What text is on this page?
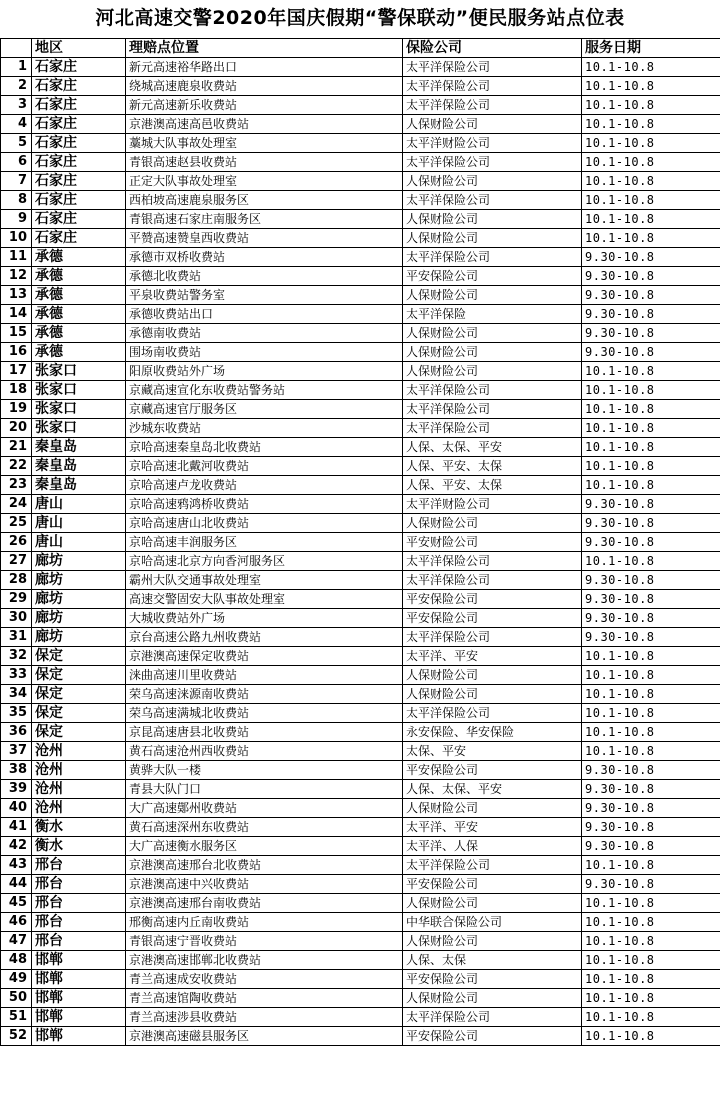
河北高速交警2020年国庆假期“警保联动”便民服务站点位表
	地区	理赔点位置	保险公司	服务日期
1	石家庄	新元高速裕华路出口	太平洋保险公司	10.1-10.8
2	石家庄	绕城高速鹿泉收费站	太平洋保险公司	10.1-10.8
3	石家庄	新元高速新乐收费站	太平洋保险公司	10.1-10.8
4	石家庄	京港澳高速高邑收费站	人保财险公司	10.1-10.8
5	石家庄	藁城大队事故处理室	太平洋财险公司	10.1-10.8
6	石家庄	青银高速赵县收费站	太平洋保险公司	10.1-10.8
7	石家庄	正定大队事故处理室	人保财险公司	10.1-10.8
8	石家庄	西柏坡高速鹿泉服务区	太平洋保险公司	10.1-10.8
9	石家庄	青银高速石家庄南服务区	人保财险公司	10.1-10.8
10	石家庄	平赞高速赞皇西收费站	人保财险公司	10.1-10.8
11	承德	承德市双桥收费站	太平洋保险公司	9.30-10.8
12	承德	承德北收费站	平安保险公司	9.30-10.8
13	承德	平泉收费站警务室	人保财险公司	9.30-10.8
14	承德	承德收费站出口	太平洋保险	9.30-10.8
15	承德	承德南收费站	人保财险公司	9.30-10.8
16	承德	围场南收费站	人保财险公司	9.30-10.8
17	张家口	阳原收费站外广场	人保财险公司	10.1-10.8
18	张家口	京藏高速宣化东收费站警务站	太平洋保险公司	10.1-10.8
19	张家口	京藏高速官厅服务区	太平洋保险公司	10.1-10.8
20	张家口	沙城东收费站	太平洋保险公司	10.1-10.8
21	秦皇岛	京哈高速秦皇岛北收费站	人保、太保、平安	10.1-10.8
22	秦皇岛	京哈高速北戴河收费站	人保、平安、太保	10.1-10.8
23	秦皇岛	京哈高速卢龙收费站	人保、平安、太保	10.1-10.8
24	唐山	京哈高速鸦鸿桥收费站	太平洋财险公司	9.30-10.8
25	唐山	京哈高速唐山北收费站	人保财险公司	9.30-10.8
26	唐山	京哈高速丰润服务区	平安财险公司	9.30-10.8
27	廊坊	京哈高速北京方向香河服务区	太平洋保险公司	10.1-10.8
28	廊坊	霸州大队交通事故处理室	太平洋保险公司	9.30-10.8
29	廊坊	高速交警固安大队事故处理室	平安保险公司	9.30-10.8
30	廊坊	大城收费站外广场	平安保险公司	9.30-10.8
31	廊坊	京台高速公路九州收费站	太平洋保险公司	9.30-10.8
32	保定	京港澳高速保定收费站	太平洋、平安	10.1-10.8
33	保定	涞曲高速川里收费站	人保财险公司	10.1-10.8
34	保定	荣乌高速涞源南收费站	人保财险公司	10.1-10.8
35	保定	荣乌高速满城北收费站	太平洋保险公司	10.1-10.8
36	保定	京昆高速唐县北收费站	永安保险、华安保险	10.1-10.8
37	沧州	黄石高速沧州西收费站	太保、平安	10.1-10.8
38	沧州	黄骅大队一楼	平安保险公司	9.30-10.8
39	沧州	青县大队门口	人保、太保、平安	9.30-10.8
40	沧州	大广高速鄚州收费站	人保财险公司	9.30-10.8
41	衡水	黄石高速深州东收费站	太平洋、平安	9.30-10.8
42	衡水	大广高速衡水服务区	太平洋、人保	9.30-10.8
43	邢台	京港澳高速邢台北收费站	太平洋保险公司	10.1-10.8
44	邢台	京港澳高速中兴收费站	平安保险公司	9.30-10.8
45	邢台	京港澳高速邢台南收费站	人保财险公司	10.1-10.8
46	邢台	邢衡高速内丘南收费站	中华联合保险公司	10.1-10.8
47	邢台	青银高速宁晋收费站	人保财险公司	10.1-10.8
48	邯郸	京港澳高速邯郸北收费站	人保、太保	10.1-10.8
49	邯郸	青兰高速成安收费站	平安保险公司	10.1-10.8
50	邯郸	青兰高速馆陶收费站	人保财险公司	10.1-10.8
51	邯郸	青兰高速涉县收费站	太平洋保险公司	10.1-10.8
52	邯郸	京港澳高速磁县服务区	平安保险公司	10.1-10.8
